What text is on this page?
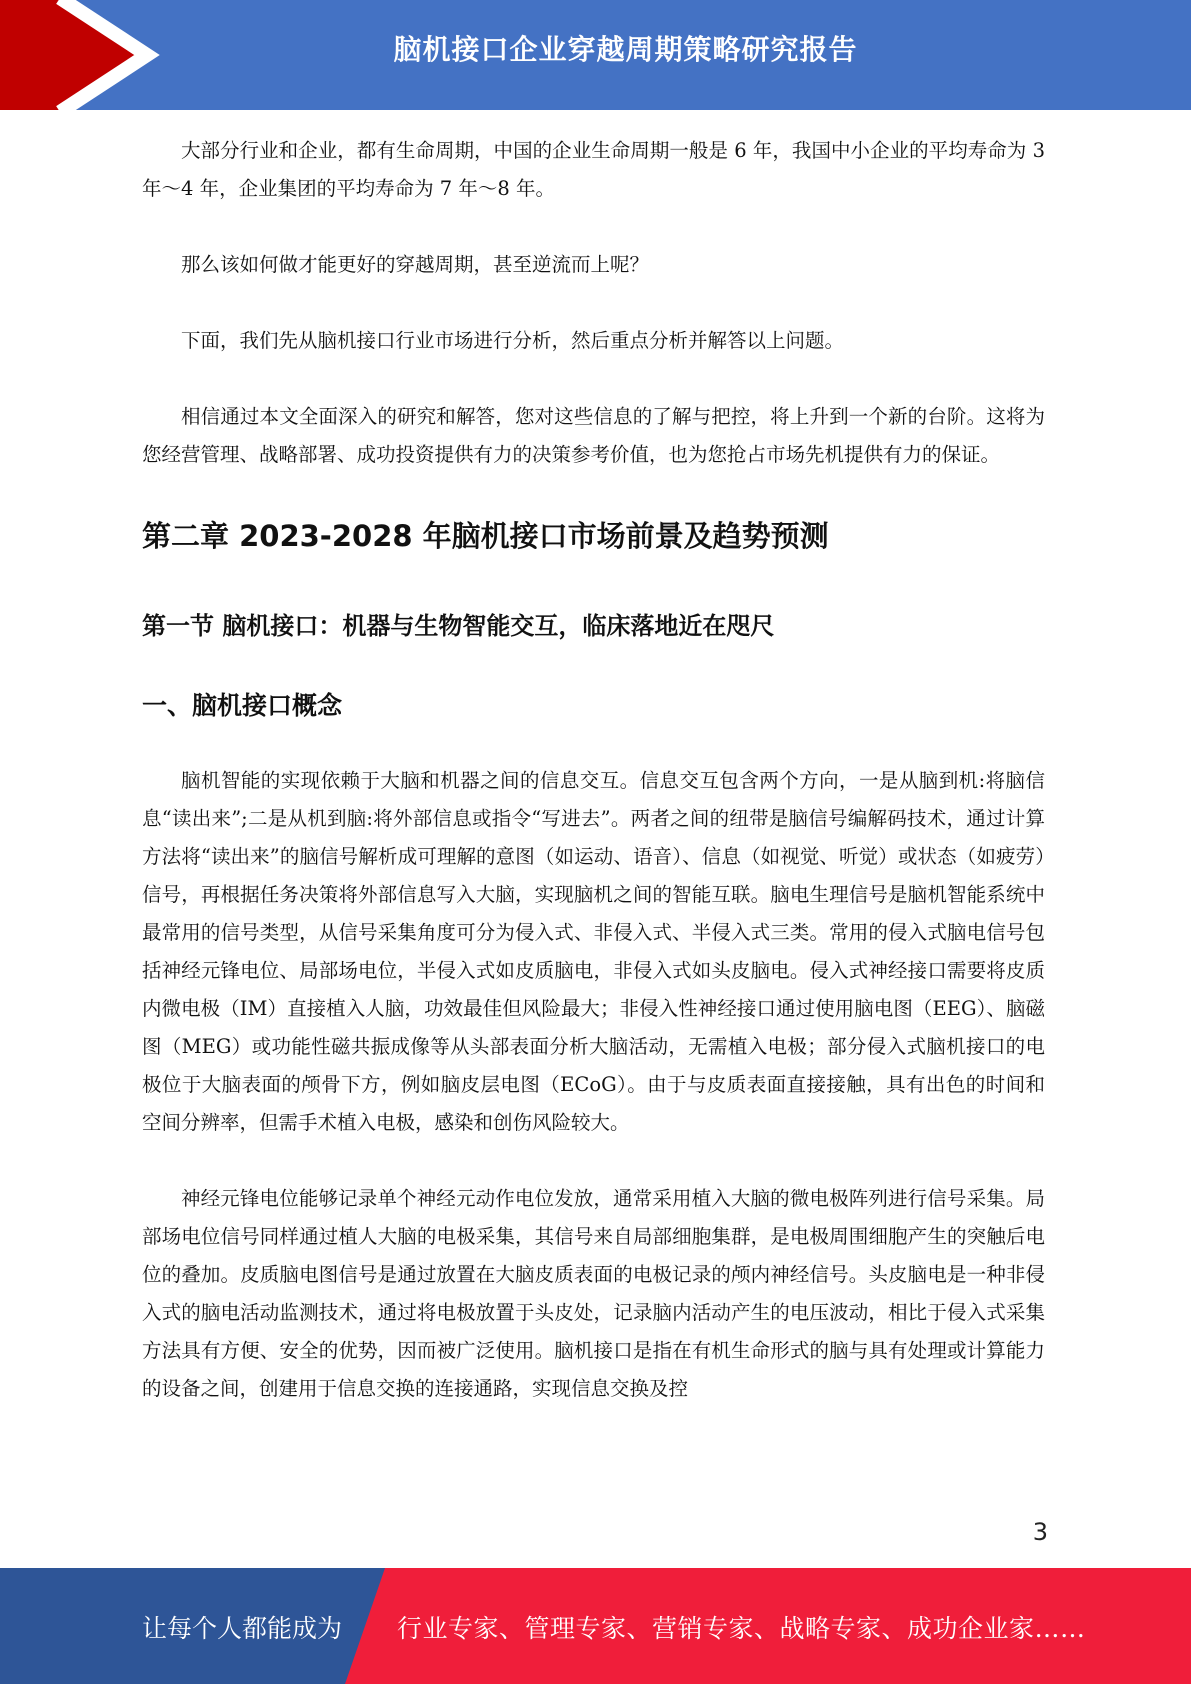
脑机接口企业穿越周期策略研究报告

大部分行业和企业，都有生命周期，中国的企业生命周期一般是 6 年，我国中小企业的平均寿命为 3 年～4 年，企业集团的平均寿命为 7 年～8 年。

那么该如何做才能更好的穿越周期，甚至逆流而上呢？

下面，我们先从脑机接口行业市场进行分析，然后重点分析并解答以上问题。

相信通过本文全面深入的研究和解答，您对这些信息的了解与把控，将上升到一个新的台阶。这将为您经营管理、战略部署、成功投资提供有力的决策参考价值，也为您抢占市场先机提供有力的保证。

第二章 2023-2028 年脑机接口市场前景及趋势预测
第一节 脑机接口：机器与生物智能交互，临床落地近在咫尺
一、脑机接口概念

脑机智能的实现依赖于大脑和机器之间的信息交互。信息交互包含两个方向，一是从脑到机:将脑信息“读出来”;二是从机到脑:将外部信息或指令“写进去”。两者之间的纽带是脑信号编解码技术，通过计算方法将“读出来”的脑信号解析成可理解的意图（如运动、语音）、信息（如视觉、听觉）或状态（如疲劳）信号，再根据任务决策将外部信息写入大脑，实现脑机之间的智能互联。脑电生理信号是脑机智能系统中最常用的信号类型，从信号采集角度可分为侵入式、非侵入式、半侵入式三类。常用的侵入式脑电信号包括神经元锋电位、局部场电位，半侵入式如皮质脑电，非侵入式如头皮脑电。侵入式神经接口需要将皮质内微电极（IM）直接植入人脑，功效最佳但风险最大；非侵入性神经接口通过使用脑电图（EEG）、脑磁图（MEG）或功能性磁共振成像等从头部表面分析大脑活动，无需植入电极；部分侵入式脑机接口的电极位于大脑表面的颅骨下方，例如脑皮层电图（ECoG）。由于与皮质表面直接接触，具有出色的时间和空间分辨率，但需手术植入电极，感染和创伤风险较大。

神经元锋电位能够记录单个神经元动作电位发放，通常采用植入大脑的微电极阵列进行信号采集。局部场电位信号同样通过植人大脑的电极采集，其信号来自局部细胞集群，是电极周围细胞产生的突触后电位的叠加。皮质脑电图信号是通过放置在大脑皮质表面的电极记录的颅内神经信号。头皮脑电是一种非侵入式的脑电活动监测技术，通过将电极放置于头皮处，记录脑内活动产生的电压波动，相比于侵入式采集方法具有方便、安全的优势，因而被广泛使用。脑机接口是指在有机生命形式的脑与具有处理或计算能力的设备之间，创建用于信息交换的连接通路，实现信息交换及控

3
让每个人都能成为 行业专家、管理专家、营销专家、战略专家、成功企业家……
